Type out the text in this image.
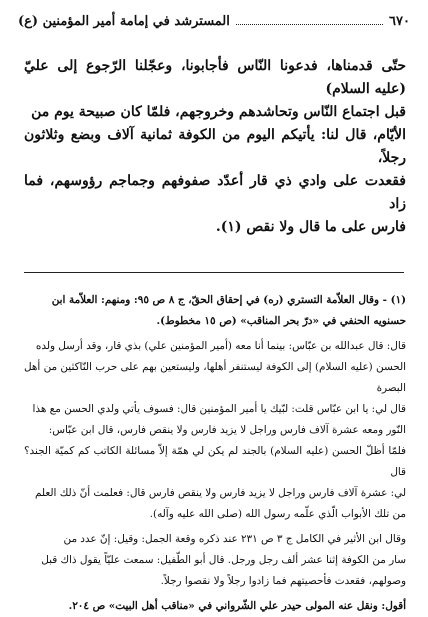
٦٧٠
المسترشد في إمامة أمير المؤمنين (ع)

حتّى قدمناها، فدعونا النّاس فأجابونا، وعجّلنا الرّجوع إلى عليّ (عليه السلام)

قبل اجتماع النّاس وتحاشدهم وخروجهم، فلمّا كان صبيحة يوم من

الأيّام، قال لنا: يأتيكم اليوم من الكوفة ثمانية آلاف وبضع وثلاثون رجلاً،

فقعدت على وادي ذي قار أعدّد صفوفهم وجماجم رؤوسهم، فما زاد

فارس على ما قال ولا نقص (١).

(١) - وقال العلاّمة التستري (ره) في إحقاق الحقّ، ج ٨ ص ٩٥: ومنهم: العلاّمة ابن

حسنويه الحنفي في «درّ بحر المناقب» (ص ١٥ مخطوط).

قال: قال عبدالله بن عبّاس: بينما أنا معه (أمير المؤمنين علي) بذي قار، وقد أرسل ولده

الحسن (عليه السلام) إلى الكوفة ليستنفر أهلها، وليستعين بهم على حرب النّاكثين من أهل البصرة

قال لي: يا ابن عبّاس قلت: لبّيك يا أمير المؤمنين قال: فسوف يأتي ولدي الحسن مع هذا

النّور ومعه عشرة آلاف فارس وراجل لا يزيد فارس ولا ينقص فارس، قال ابن عبّاس:

فلمّا أظلّ الحسن (عليه السلام) بالجند لم يكن لي همّة إلاّ مسائلة الكاتب كم كميّة الجند؟ قال

لي: عشرة آلاف فارس وراجل لا يزيد فارس ولا ينقص فارس قال: فعلمت أنّ ذلك العلم

من تلك الأبواب الّذي علّمه رسول الله (صلى الله عليه وآله).

وقال ابن الأثير في الكامل ج ٣ ص ٢٣١ عند ذكره وقعة الجمل: وقيل: إنّ عدد من

سار من الكوفة إثنا عشر ألف رجل ورجل. قال أبو الطّفيل: سمعت عليّاً يقول ذاك قبل

وصولهم، فقعدت فأحصيتهم فما زادوا رجلاً ولا نقصوا رجلاً.

أقول: ونقل عنه المولى حيدر علي الشّرواني في «مناقب أهل البيت» ص ٢٠٤.
